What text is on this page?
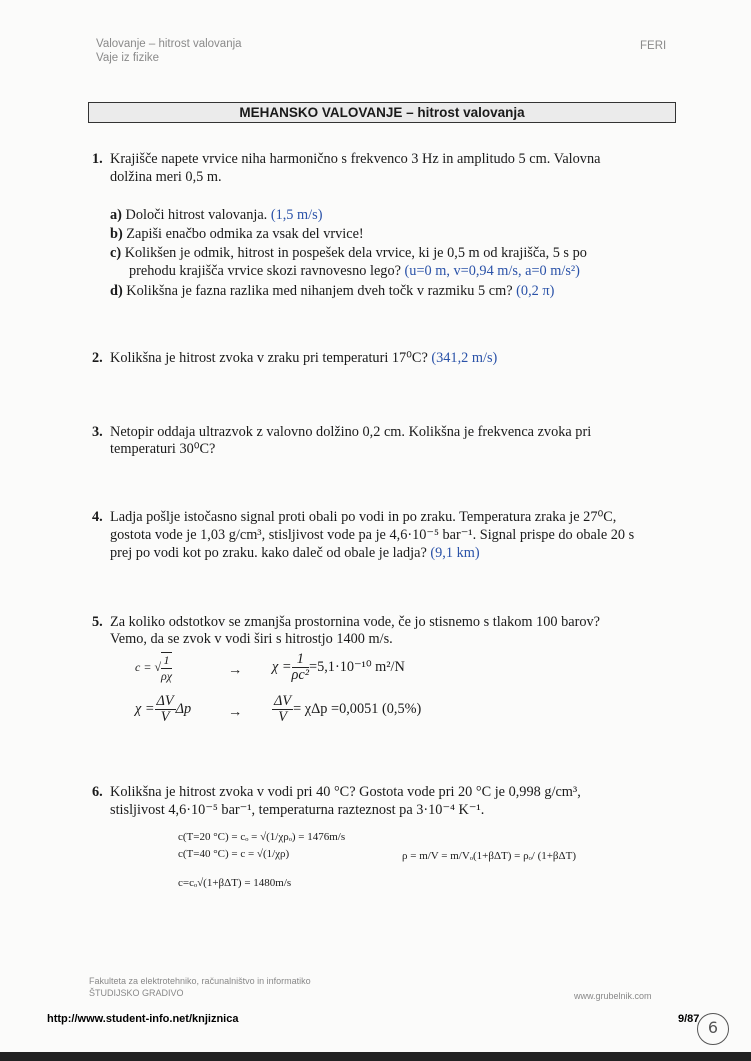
Valovanje – hitrost valovanja
Vaje iz fizike
FERI
MEHANSKO VALOVANJE – hitrost valovanja
1. Krajišče napete vrvice niha harmonično s frekvenco 3 Hz in amplitudo 5 cm. Valovna
dolžina meri 0,5 m.
a) Določi hitrost valovanja. (1,5 m/s)
b) Zapiši enačbo odmika za vsak del vrvice!
c) Kolikšen je odmik, hitrost in pospešek dela vrvice, ki je 0,5 m od krajišča, 5 s po
prehodu krajišča vrvice skozi ravnovesno lego? (u=0 m, v=0,94 m/s, a=0 m/s²)
d) Kolikšna je fazna razlika med nihanjem dveh točk v razmiku 5 cm? (0,2 π)
2. Kolikšna je hitrost zvoka v zraku pri temperaturi 17⁰C? (341,2 m/s)
3. Netopir oddaja ultrazvok z valovno dolžino 0,2 cm. Kolikšna je frekvenca zvoka pri
temperaturi 30⁰C?
4. Ladja pošlje istočasno signal proti obali po vodi in po zraku. Temperatura zraka je 27⁰C,
gostota vode je 1,03 g/cm³, stisljivost vode pa je 4,6·10⁻⁵ bar⁻¹. Signal prispe do obale 20 s
prej po vodi kot po zraku. kako daleč od obale je ladja? (9,1 km)
5. Za koliko odstotkov se zmanjša prostornina vode, če jo stisnemo s tlakom 100 barov?
Vemo, da se zvok v vodi širi s hitrostjo 1400 m/s.
c = √ $\frac{1}{\rho\chi}$	→ $\chi = \frac{1}{\text{ρc²}} =5,1\cdot 10^{-10}$ m²/N
$\chi = \frac{\Delta V}{V}$ Δp	→ $\frac{\Delta V}{V} = \chi\Delta p =0,0051$ (0,5%)
6. Kolikšna je hitrost zvoka v vodi pri 40 °C? Gostota vode pri 20 °C je 0,998 g/cm³,
stisljivost 4,6·10⁻⁵ bar⁻¹, temperaturna razteznost pa 3·10⁻⁴ K⁻¹.
c(T=20 °C) = cₒ = √(1/χρₒ) = 1476m/s
c(T=40 °C) = c = √(1/χρ)	ρ = m/V = m/Vₒ(1+βΔT) = ρₒ/ (1+βΔT)
c=cₒ√(1+βΔT) = 1480m/s
Fakulteta za elektrotehniko, računalništvo in informatiko
ŠTUDIJSKO GRADIVO	www.grubelnik.com
http://www.student-info.net/knjiznica	9/87 6
